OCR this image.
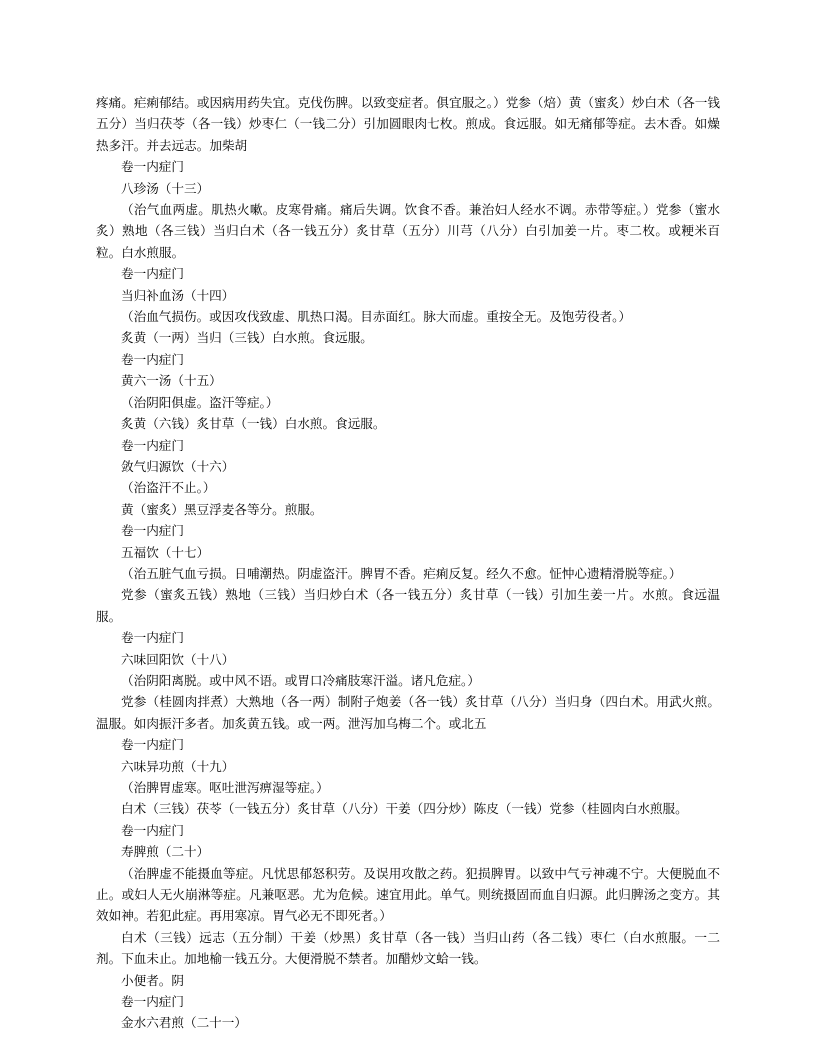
疼痛。疟痢郁结。或因病用药失宜。克伐伤脾。以致变症者。俱宜服之。）党参（焙）黄（蜜炙）炒白术（各一钱五分）当归茯苓（各一钱）炒枣仁（一钱二分）引加圆眼肉七枚。煎成。食远服。如无痛郁等症。去木香。如燥热多汗。并去远志。加柴胡

卷一内症门

八珍汤（十三）

（治气血两虚。肌热火嗽。皮寒骨痛。痛后失调。饮食不香。兼治妇人经水不调。赤带等症。）党参（蜜水炙）熟地（各三钱）当归白术（各一钱五分）炙甘草（五分）川芎（八分）白引加姜一片。枣二枚。或粳米百粒。白水煎服。

卷一内症门

当归补血汤（十四）

（治血气损伤。或因攻伐致虚、肌热口渴。目赤面红。脉大而虚。重按全无。及饱劳役者。）

炙黄（一两）当归（三钱）白水煎。食远服。

卷一内症门

黄六一汤（十五）

（治阴阳俱虚。盗汗等症。）

炙黄（六钱）炙甘草（一钱）白水煎。食远服。

卷一内症门

敛气归源饮（十六）

（治盗汗不止。）

黄（蜜炙）黑豆浮麦各等分。煎服。

卷一内症门

五福饮（十七）

（治五脏气血亏损。日哺潮热。阴虚盗汗。脾胃不香。疟痢反复。经久不愈。怔忡心遗精滑脱等症。）

党参（蜜炙五钱）熟地（三钱）当归炒白术（各一钱五分）炙甘草（一钱）引加生姜一片。水煎。食远温服。

卷一内症门

六味回阳饮（十八）

（治阴阳离脱。或中风不语。或胃口冷痛肢寒汗溢。诸凡危症。）

党参（桂圆肉拌煮）大熟地（各一两）制附子炮姜（各一钱）炙甘草（八分）当归身（四白术。用武火煎。温服。如肉振汗多者。加炙黄五钱。或一两。泄泻加乌梅二个。或北五

卷一内症门

六味异功煎（十九）

（治脾胃虚寒。呕吐泄泻痹湿等症。）

白术（三钱）茯苓（一钱五分）炙甘草（八分）干姜（四分炒）陈皮（一钱）党参（桂圆肉白水煎服。

卷一内症门

寿脾煎（二十）

（治脾虚不能摄血等症。凡忧思郁怒积劳。及误用攻散之药。犯损脾胃。以致中气亏神魂不宁。大便脱血不止。或妇人无火崩淋等症。凡兼呕恶。尤为危候。速宜用此。单气。则统摄固而血自归源。此归脾汤之变方。其效如神。若犯此症。再用寒凉。胃气必无不即死者。）

白术（三钱）远志（五分制）干姜（炒黑）炙甘草（各一钱）当归山药（各二钱）枣仁（白水煎服。一二剂。下血未止。加地榆一钱五分。大便滑脱不禁者。加醋炒文蛤一钱。

小便者。阴

卷一内症门

金水六君煎（二十一）
